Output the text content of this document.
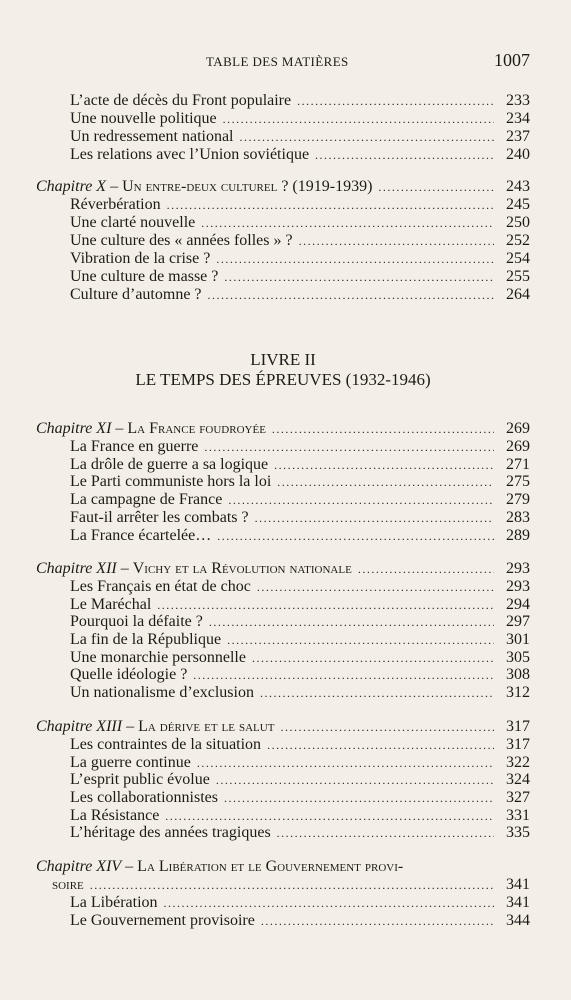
TABLE DES MATIÈRES	1007
L’acte de décès du Front populaire .....	233
Une nouvelle politique .....	234
Un redressement national .....	237
Les relations avec l’Union soviétique .....	240
Chapitre X – Un entre-deux culturel ? (1919-1939) .....	243
Réverbération .....	245
Une clarté nouvelle .....	250
Une culture des « années folles » ? .....	252
Vibration de la crise ? .....	254
Une culture de masse ? .....	255
Culture d’automne ? .....	264
LIVRE II
LE TEMPS DES ÉPREUVES (1932-1946)
Chapitre XI – La France foudroyée .....	269
La France en guerre .....	269
La drôle de guerre a sa logique .....	271
Le Parti communiste hors la loi .....	275
La campagne de France .....	279
Faut-il arrêter les combats ? .....	283
La France écartelée… .....	289
Chapitre XII – Vichy et la Révolution nationale .....	293
Les Français en état de choc .....	293
Le Maréchal .....	294
Pourquoi la défaite ? .....	297
La fin de la République .....	301
Une monarchie personnelle .....	305
Quelle idéologie ? .....	308
Un nationalisme d’exclusion .....	312
Chapitre XIII – La dérive et le salut .....	317
Les contraintes de la situation .....	317
La guerre continue .....	322
L’esprit public évolue .....	324
Les collaborationnistes .....	327
La Résistance .....	331
L’héritage des années tragiques .....	335
Chapitre XIV – La Libération et le Gouvernement provi-
soire .....	341
La Libération .....	341
Le Gouvernement provisoire .....	344
